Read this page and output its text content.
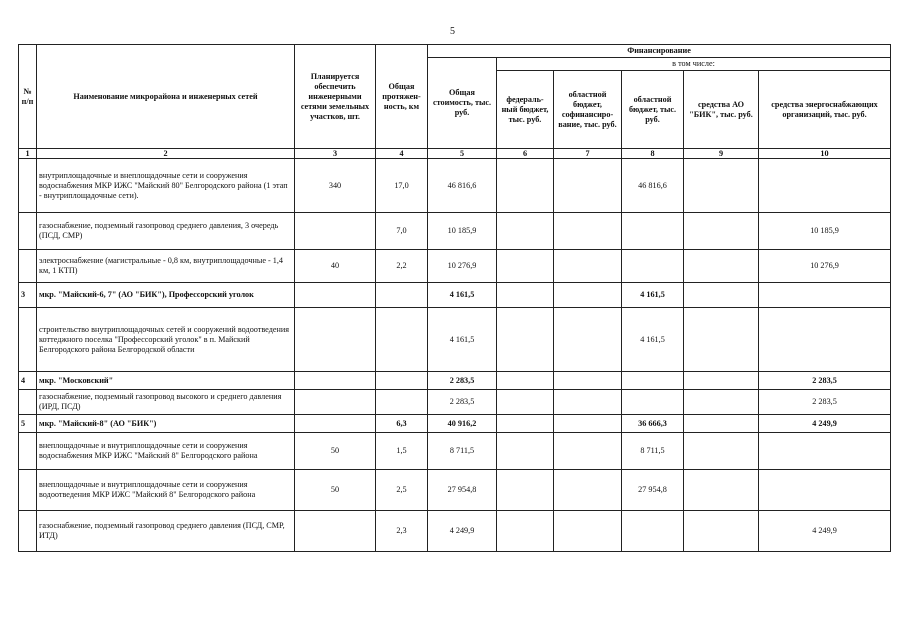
5
№ п/п	Наименование микрорайона и инженерных сетей	Планируется обеспечить инженерными сетями земельных участков, шт.	Общая протяжен-ность, км	Финансирование					
				Общая стоимость, тыс. руб.	в том числе:				
					федераль-ный бюджет, тыс. руб.	областной бюджет, софинансиро-вание, тыс. руб.	областной бюджет, тыс. руб.	средства АО "БИК", тыс. руб.	средства энергоснабжающих организаций, тыс. руб.
1	2	3	4	5	6	7	8	9	10
	внутриплощадочные и внеплощадочные сети и сооружения водоснабжения МКР ИЖС "Майский 80" Белгородского района (1 этап - внутриплощадочные сети).	340	17,0	46 816,6			46 816,6		
	газоснабжение, подземный газопровод среднего давления, 3 очередь (ПСД, СМР)		7,0	10 185,9					10 185,9
	электроснабжение (магистральные - 0,8 км, внутриплощадочные - 1,4 км, 1 КТП)	40	2,2	10 276,9					10 276,9
3	мкр. "Майский-6, 7" (АО "БИК"), Профессорский уголок			4 161,5			4 161,5		
	строительство внутриплощадочных сетей и сооружений водоотведения коттеджного поселка "Профессорский уголок" в п. Майский Белгородского района Белгородской области			4 161,5			4 161,5		
4	мкр. "Московский"			2 283,5					2 283,5
	газоснабжение, подземный газопровод высокого и среднего давления (ИРД, ПСД)			2 283,5					2 283,5
5	мкр. "Майский-8" (АО "БИК")		6,3	40 916,2			36 666,3		4 249,9
	внеплощадочные и внутриплощадочные сети и сооружения водоснабжения МКР ИЖС "Майский 8" Белгородского района	50	1,5	8 711,5			8 711,5		
	внеплощадочные и внутриплощадочные сети и сооружения водоотведения МКР ИЖС "Майский 8" Белгородского района	50	2,5	27 954,8			27 954,8		
	газоснабжение, подземный газопровод среднего давления (ПСД, СМР, ИТД)		2,3	4 249,9					4 249,9
